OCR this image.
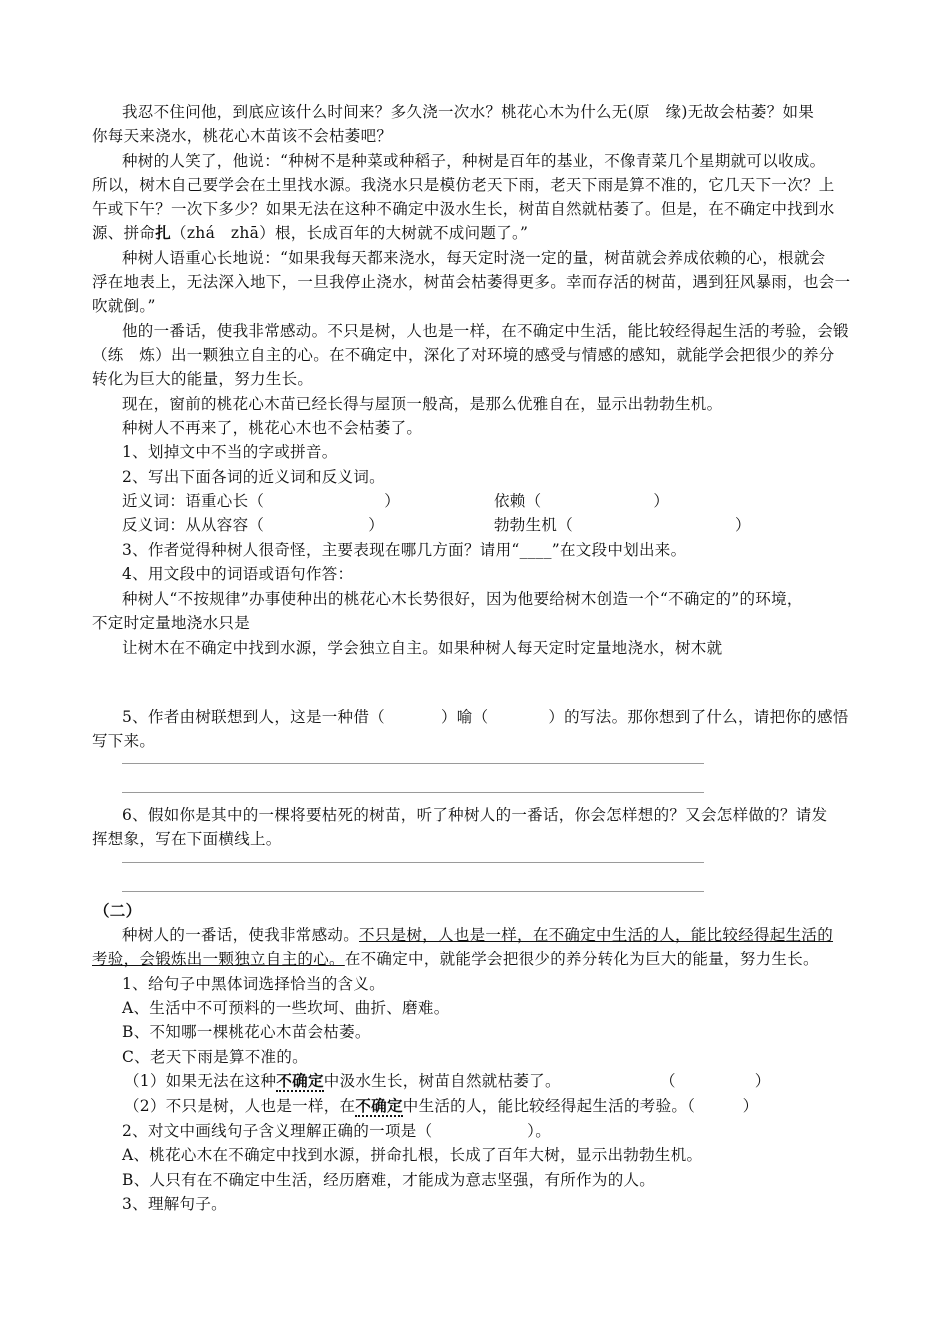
我忍不住问他，到底应该什么时间来？多久浇一次水？桃花心木为什么无(原　缘)无故会枯萎？如果
你每天来浇水，桃花心木苗该不会枯萎吧？
种树的人笑了，他说：“种树不是种菜或种稻子，种树是百年的基业，不像青菜几个星期就可以收成。
所以，树木自己要学会在土里找水源。我浇水只是模仿老天下雨，老天下雨是算不准的，它几天下一次？上
午或下午？一次下多少？如果无法在这种不确定中汲水生长，树苗自然就枯萎了。但是，在不确定中找到水
源、拼命扎（zhá　zhā）根，长成百年的大树就不成问题了。”
种树人语重心长地说：“如果我每天都来浇水，每天定时浇一定的量，树苗就会养成依赖的心，根就会
浮在地表上，无法深入地下，一旦我停止浇水，树苗会枯萎得更多。幸而存活的树苗，遇到狂风暴雨，也会一
吹就倒。”
他的一番话，使我非常感动。不只是树，人也是一样，在不确定中生活，能比较经得起生活的考验，会锻
（练　炼）出一颗独立自主的心。在不确定中，深化了对环境的感受与情感的感知，就能学会把很少的养分
转化为巨大的能量，努力生长。
现在，窗前的桃花心木苗已经长得与屋顶一般高，是那么优雅自在，显示出勃勃生机。
种树人不再来了，桃花心木也不会枯萎了。
1、划掉文中不当的字或拼音。
2、写出下面各词的近义词和反义词。
近义词：语重心长（	）	依赖（	）
反义词：从从容容（	）	勃勃生机（	）
3、作者觉得种树人很奇怪，主要表现在哪几方面？请用“____”在文段中划出来。
4、用文段中的词语或语句作答：
种树人“不按规律”办事使种出的桃花心木长势很好，因为他要给树木创造一个“不确定的”的环境，
不定时定量地浇水只是
让树木在不确定中找到水源，学会独立自主。如果种树人每天定时定量地浇水，树木就
5、作者由树联想到人，这是一种借（	）喻（	）的写法。那你想到了什么，请把你的感悟
写下来。
6、假如你是其中的一棵将要枯死的树苗，听了种树人的一番话，你会怎样想的？又会怎样做的？请发
挥想象，写在下面横线上。
（二）
种树人的一番话，使我非常感动。不只是树，人也是一样，在不确定中生活的人，能比较经得起生活的
考验，会锻炼出一颗独立自主的心。在不确定中，就能学会把很少的养分转化为巨大的能量，努力生长。
1、给句子中黑体词选择恰当的含义。
A、生活中不可预料的一些坎坷、曲折、磨难。
B、不知哪一棵桃花心木苗会枯萎。
C、老天下雨是算不准的。
（1）如果无法在这种不确定中汲水生长，树苗自然就枯萎了。	（　　　　　）
（2）不只是树，人也是一样，在不确定中生活的人，能比较经得起生活的考验。（　　　）
2、对文中画线句子含义理解正确的一项是（　　　　　　）。
A、桃花心木在不确定中找到水源，拼命扎根，长成了百年大树，显示出勃勃生机。
B、人只有在不确定中生活，经历磨难，才能成为意志坚强，有所作为的人。
3、理解句子。
